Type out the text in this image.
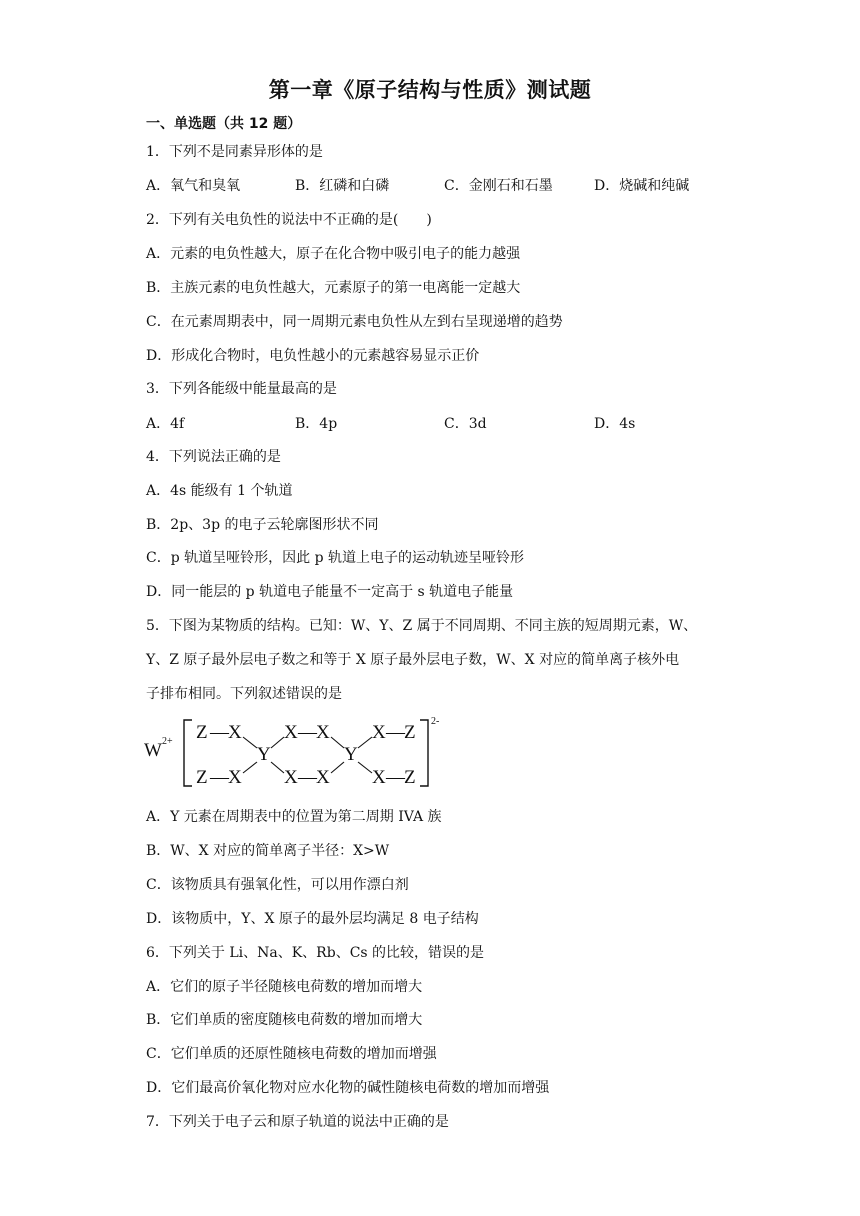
第一章《原子结构与性质》测试题
一、单选题（共 12 题）
1．下列不是同素异形体的是
A．氧气和臭氧	B．红磷和白磷	C．金刚石和石墨	D．烧碱和纯碱
2．下列有关电负性的说法中不正确的是(　　)
A．元素的电负性越大，原子在化合物中吸引电子的能力越强
B．主族元素的电负性越大，元素原子的第一电离能一定越大
C．在元素周期表中，同一周期元素电负性从左到右呈现递增的趋势
D．形成化合物时，电负性越小的元素越容易显示正价
3．下列各能级中能量最高的是
A．4f	B．4p	C．3d	D．4s
4．下列说法正确的是
A．4s 能级有 1 个轨道
B．2p、3p 的电子云轮廓图形状不同
C．p 轨道呈哑铃形，因此 p 轨道上电子的运动轨迹呈哑铃形
D．同一能层的 p 轨道电子能量不一定高于 s 轨道电子能量
5．下图为某物质的结构。已知：W、Y、Z 属于不同周期、不同主族的短周期元素，W、
Y、Z 原子最外层电子数之和等于 X 原子最外层电子数，W、X 对应的简单离子核外电
子排布相同。下列叙述错误的是
W 2+
2-
Z — X
Z — X
Y
X — X
X — X
Y
X — Z
X — Z
A．Y 元素在周期表中的位置为第二周期 IVA 族
B．W、X 对应的简单离子半径：X>W
C．该物质具有强氧化性，可以用作漂白剂
D．该物质中，Y、X 原子的最外层均满足 8 电子结构
6．下列关于 Li、Na、K、Rb、Cs 的比较，错误的是
A．它们的原子半径随核电荷数的增加而增大
B．它们单质的密度随核电荷数的增加而增大
C．它们单质的还原性随核电荷数的增加而增强
D．它们最高价氧化物对应水化物的碱性随核电荷数的增加而增强
7．下列关于电子云和原子轨道的说法中正确的是
